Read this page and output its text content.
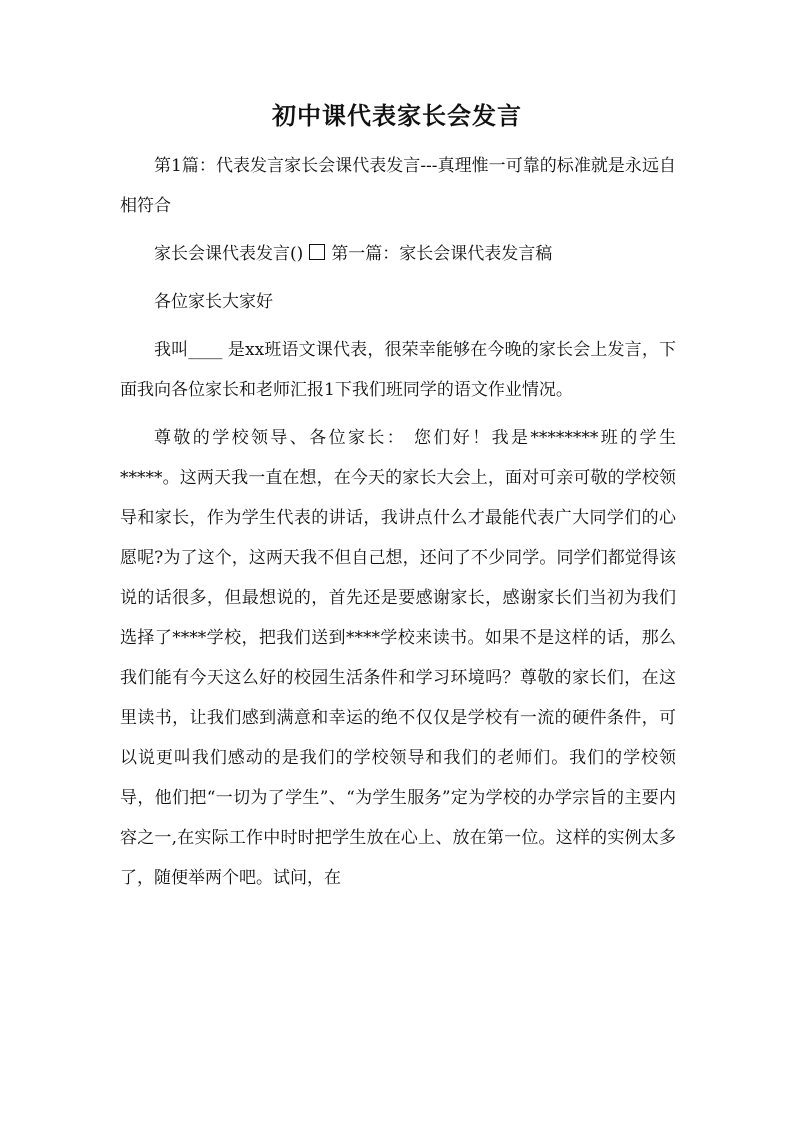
初中课代表家长会发言

第1篇：代表发言家长会课代表发言---真理惟一可靠的标准就是永远自相符合

家长会课代表发言() 第一篇：家长会课代表发言稿

各位家长大家好

我叫____ 是xx班语文课代表，很荣幸能够在今晚的家长会上发言，下面我向各位家长和老师汇报1下我们班同学的语文作业情况。

尊敬的学校领导、各位家长： 您们好！我是********班的学生*****。这两天我一直在想，在今天的家长大会上，面对可亲可敬的学校领导和家长，作为学生代表的讲话，我讲点什么才最能代表广大同学们的心愿呢?为了这个，这两天我不但自己想，还问了不少同学。同学们都觉得该说的话很多，但最想说的，首先还是要感谢家长，感谢家长们当初为我们选择了****学校，把我们送到****学校来读书。如果不是这样的话，那么我们能有今天这么好的校园生活条件和学习环境吗？尊敬的家长们，在这里读书，让我们感到满意和幸运的绝不仅仅是学校有一流的硬件条件，可以说更叫我们感动的是我们的学校领导和我们的老师们。我们的学校领导，他们把“一切为了学生”、“为学生服务”定为学校的办学宗旨的主要内容之一,在实际工作中时时把学生放在心上、放在第一位。这样的实例太多了，随便举两个吧。试问，在
